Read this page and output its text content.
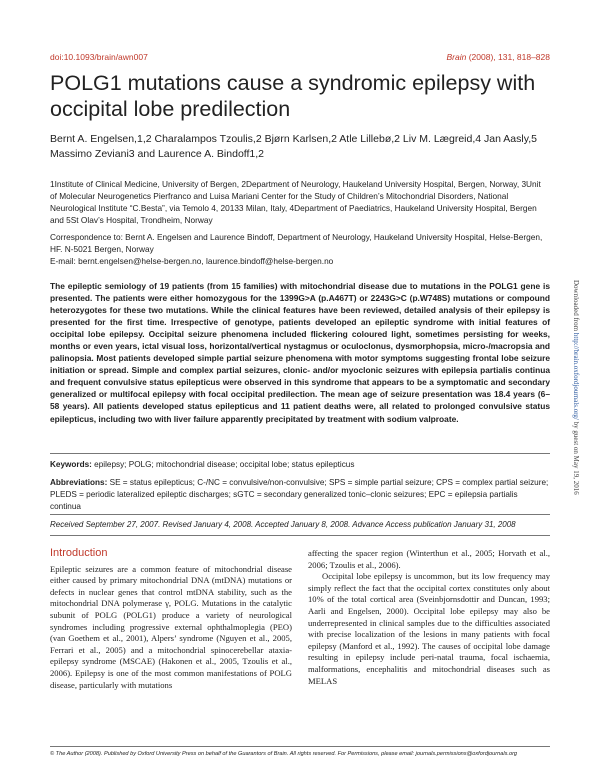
doi:10.1093/brain/awn007	Brain (2008), 131, 818–828
POLG1 mutations cause a syndromic epilepsy with occipital lobe predilection
Bernt A. Engelsen,1,2 Charalampos Tzoulis,2 Bjørn Karlsen,2 Atle Lillebø,2 Liv M. Lægreid,4 Jan Aasly,5 Massimo Zeviani3 and Laurence A. Bindoff1,2
1Institute of Clinical Medicine, University of Bergen, 2Department of Neurology, Haukeland University Hospital, Bergen, Norway, 3Unit of Molecular Neurogenetics Pierfranco and Luisa Mariani Center for the Study of Children’s Mitochondrial Disorders, National Neurological Institute “C.Besta”, via Temolo 4, 20133 Milan, Italy, 4Department of Paediatrics, Haukeland University Hospital, Bergen and 5St Olav’s Hospital, Trondheim, Norway
Correspondence to: Bernt A. Engelsen and Laurence Bindoff, Department of Neurology, Haukeland University Hospital, Helse-Bergen, HF. N-5021 Bergen, Norway
E-mail: bernt.engelsen@helse-bergen.no, laurence.bindoff@helse-bergen.no

The epileptic semiology of 19 patients (from 15 families) with mitochondrial disease due to mutations in the POLG1 gene is presented. The patients were either homozygous for the 1399G>A (p.A467T) or 2243G>C (p.W748S) mutations or compound heterozygotes for these two mutations. While the clinical features have been reviewed, detailed analysis of their epilepsy is presented for the first time. Irrespective of genotype, patients developed an epileptic syndrome with initial features of occipital lobe epilepsy. Occipital seizure phenomena included flickering coloured light, sometimes persisting for weeks, months or even years, ictal visual loss, horizontal/vertical nystagmus or oculoclonus, dysmorphopsia, micro-/macropsia and palinopsia. Most patients developed simple partial seizure phenomena with motor symptoms suggesting frontal lobe seizure initiation or spread. Simple and complex partial seizures, clonic- and/or myoclonic seizures with epilepsia partialis continua and frequent convulsive status epilepticus were observed in this syndrome that appears to be a symptomatic and secondary generalized or multifocal epilepsy with focal occipital predilection. The mean age of seizure presentation was 18.4 years (6–58 years). All patients developed status epilepticus and 11 patient deaths were, all related to prolonged convulsive status epilepticus, including two with liver failure apparently precipitated by treatment with sodium valproate.

Keywords: epilepsy; POLG; mitochondrial disease; occipital lobe; status epilepticus
Abbreviations: SE = status epilepticus; C-/NC = convulsive/non-convulsive; SPS = simple partial seizure; CPS = complex partial seizure; PLEDS = periodic lateralized epileptic discharges; sGTC = secondary generalized tonic–clonic seizures; EPC = epilepsia partialis continua
Received September 27, 2007. Revised January 4, 2008. Accepted January 8, 2008. Advance Access publication January 31, 2008
Introduction

Epileptic seizures are a common feature of mitochondrial disease either caused by primary mitochondrial DNA (mtDNA) mutations or defects in nuclear genes that control mtDNA stability, such as the mitochondrial DNA polymerase γ, POLG. Mutations in the catalytic subunit of POLG (POLG1) produce a variety of neurological syndromes including progressive external ophthalmoplegia (PEO) (van Goethem et al., 2001), Alpers’ syndrome (Nguyen et al., 2005, Ferrari et al., 2005) and a mitochondrial spinocerebellar ataxia-epilepsy syndrome (MSCAE) (Hakonen et al., 2005, Tzoulis et al., 2006). Epilepsy is one of the most common manifestations of POLG disease, particularly with mutations

affecting the spacer region (Winterthun et al., 2005; Horvath et al., 2006; Tzoulis et al., 2006).

Occipital lobe epilepsy is uncommon, but its low frequency may simply reflect the fact that the occipital cortex constitutes only about 10% of the total cortical area (Sveinbjornsdottir and Duncan, 1993; Aarli and Engelsen, 2000). Occipital lobe epilepsy may also be underrepresented in clinical samples due to the difficulties associated with precise localization of the lesions in many patients with focal epilepsy (Manford et al., 1992). The causes of occipital lobe damage resulting in epilepsy include peri-natal trauma, focal ischaemia, malformations, encephalitis and mitochondrial diseases such as MELAS

© The Author (2008). Published by Oxford University Press on behalf of the Guarantors of Brain. All rights reserved. For Permissions, please email: journals.permissions@oxfordjournals.org
Downloaded from http://brain.oxfordjournals.org/ by guest on May 19, 2016
